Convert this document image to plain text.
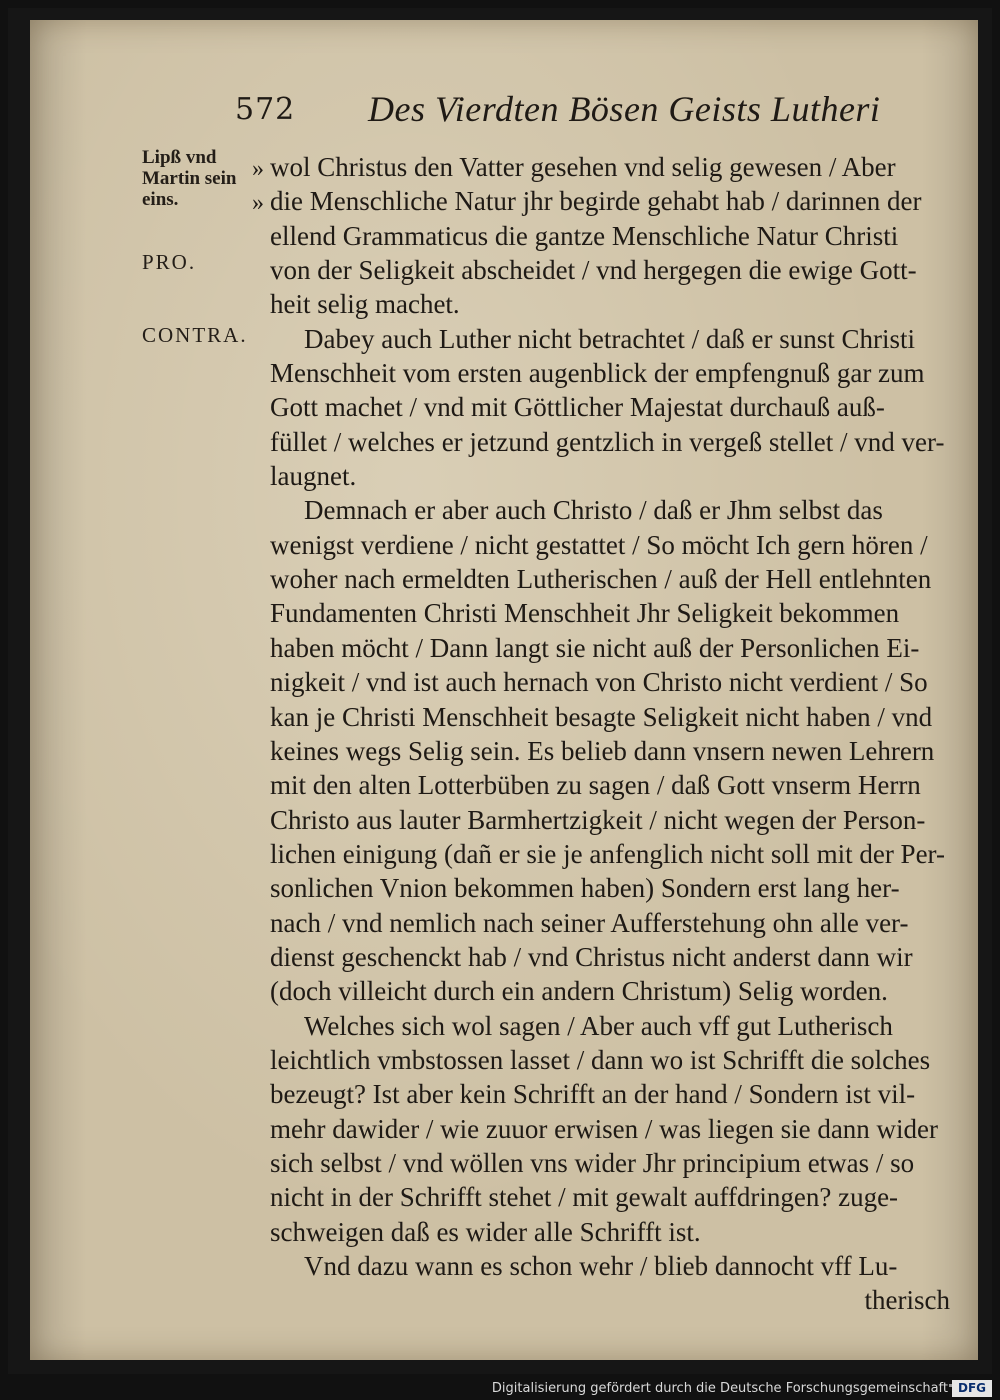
572 Des Vierdten Bösen Geists Lutheri
Lipß vnd
Martin sein
eins.
PRO.
CONTRA.
» wol Christus den Vatter gesehen vnd selig gewesen / Aber
» die Menschliche Natur jhr begirde gehabt hab / darinnen der
ellend Grammaticus die gantze Menschliche Natur Christi
von der Seligkeit abscheidet / vnd hergegen die ewige Gott-
heit selig machet.
Dabey auch Luther nicht betrachtet / daß er sunst Christi
Menschheit vom ersten augenblick der empfengnuß gar zum
Gott machet / vnd mit Göttlicher Majestat durchauß auß-
füllet / welches er jetzund gentzlich in vergeß stellet / vnd ver-
laugnet.
Demnach er aber auch Christo / daß er Jhm selbst das
wenigst verdiene / nicht gestattet / So möcht Ich gern hören /
woher nach ermeldten Lutherischen / auß der Hell entlehnten
Fundamenten Christi Menschheit Jhr Seligkeit bekommen
haben möcht / Dann langt sie nicht auß der Personlichen Ei-
nigkeit / vnd ist auch hernach von Christo nicht verdient / So
kan je Christi Menschheit besagte Seligkeit nicht haben / vnd
keines wegs Selig sein. Es belieb dann vnsern newen Lehrern
mit den alten Lotterbüben zu sagen / daß Gott vnserm Herrn
Christo aus lauter Barmhertzigkeit / nicht wegen der Person-
lichen einigung (dañ er sie je anfenglich nicht soll mit der Per-
sonlichen Vnion bekommen haben) Sondern erst lang her-
nach / vnd nemlich nach seiner Aufferstehung ohn alle ver-
dienst geschenckt hab / vnd Christus nicht anderst dann wir
(doch villeicht durch ein andern Christum) Selig worden.
Welches sich wol sagen / Aber auch vff gut Lutherisch
leichtlich vmbstossen lasset / dann wo ist Schrifft die solches
bezeugt? Ist aber kein Schrifft an der hand / Sondern ist vil-
mehr dawider / wie zuuor erwisen / was liegen sie dann wider
sich selbst / vnd wöllen vns wider Jhr principium etwas / so
nicht in der Schrifft stehet / mit gewalt auffdringen? zuge-
schweigen daß es wider alle Schrifft ist.
Vnd dazu wann es schon wehr / blieb dannocht vff Lu-
therisch
Digitalisierung gefördert durch die Deutsche Forschungsgemeinschaft DFG
